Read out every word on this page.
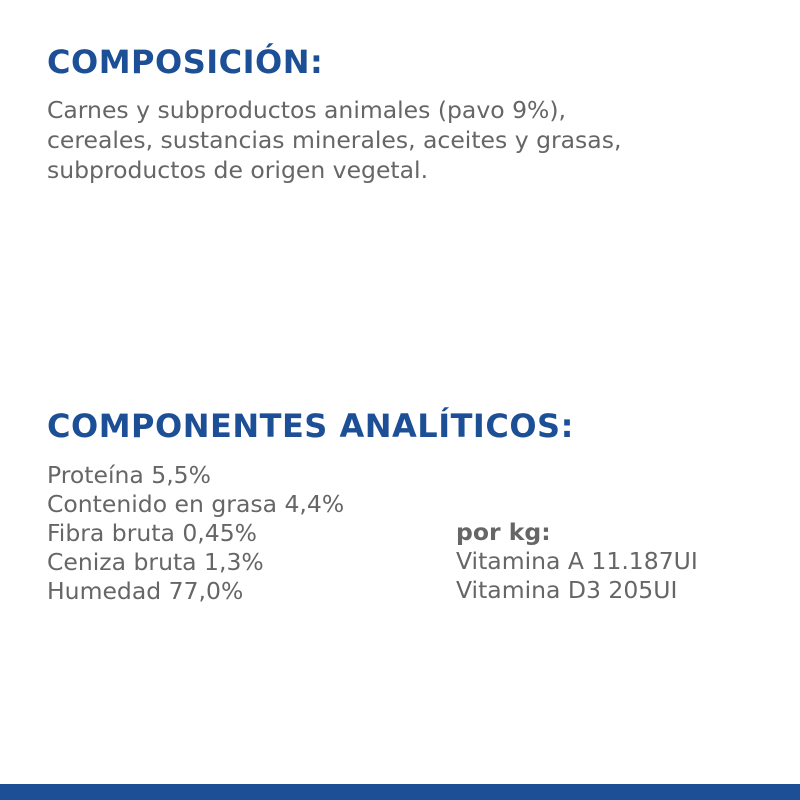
COMPOSICIÓN:

Carnes y subproductos animales (pavo 9%),
cereales, sustancias minerales, aceites y grasas,
subproductos de origen vegetal.

COMPONENTES ANALÍTICOS:
Proteína 5,5%
Contenido en grasa 4,4%
Fibra bruta 0,45%
Ceniza bruta 1,3%
Humedad 77,0%
por kg:
Vitamina A 11.187UI
Vitamina D3 205UI
